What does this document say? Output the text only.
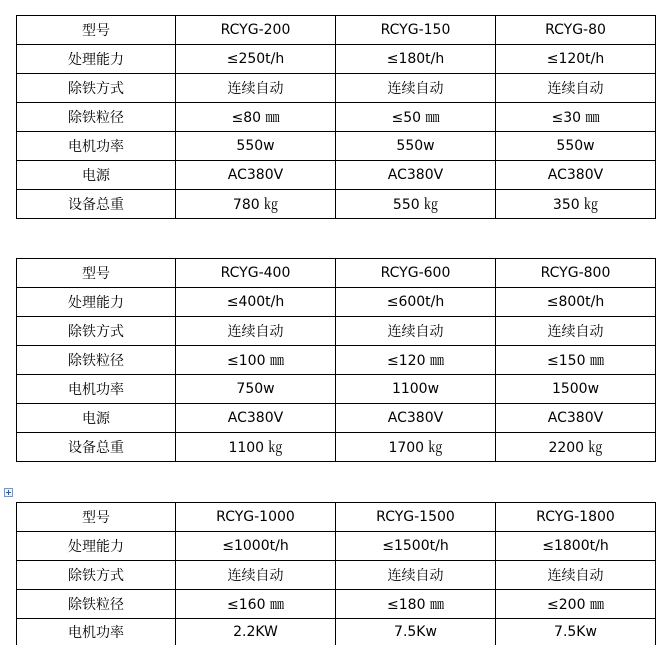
型号	RCYG-200	RCYG-150	RCYG-80
处理能力	≤250t/h	≤180t/h	≤120t/h
除铁方式	连续自动	连续自动	连续自动
除铁粒径	≤80 ㎜	≤50 ㎜	≤30 ㎜
电机功率	550w	550w	550w
电源	AC380V	AC380V	AC380V
设备总重	780 ㎏	550 ㎏	350 ㎏
型号	RCYG-400	RCYG-600	RCYG-800
处理能力	≤400t/h	≤600t/h	≤800t/h
除铁方式	连续自动	连续自动	连续自动
除铁粒径	≤100 ㎜	≤120 ㎜	≤150 ㎜
电机功率	750w	1100w	1500w
电源	AC380V	AC380V	AC380V
设备总重	1100 ㎏	1700 ㎏	2200 ㎏
型号	RCYG-1000	RCYG-1500	RCYG-1800
处理能力	≤1000t/h	≤1500t/h	≤1800t/h
除铁方式	连续自动	连续自动	连续自动
除铁粒径	≤160 ㎜	≤180 ㎜	≤200 ㎜
电机功率	2.2KW	7.5Kw	7.5Kw
